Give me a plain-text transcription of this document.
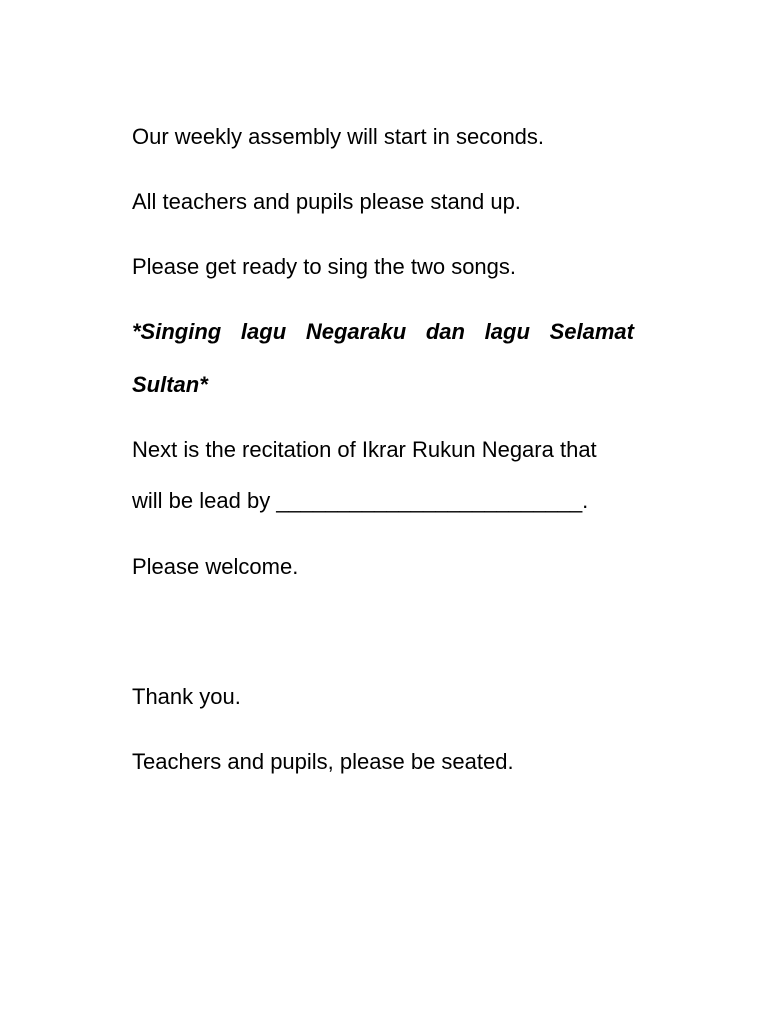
Our weekly assembly will start in seconds.

All teachers and pupils please stand up.

Please get ready to sing the two songs.

*Singing lagu Negaraku dan lagu Selamat

Sultan*

Next is the recitation of Ikrar Rukun Negara that

will be lead by _________________________.

Please welcome.

Thank you.

Teachers and pupils, please be seated.
